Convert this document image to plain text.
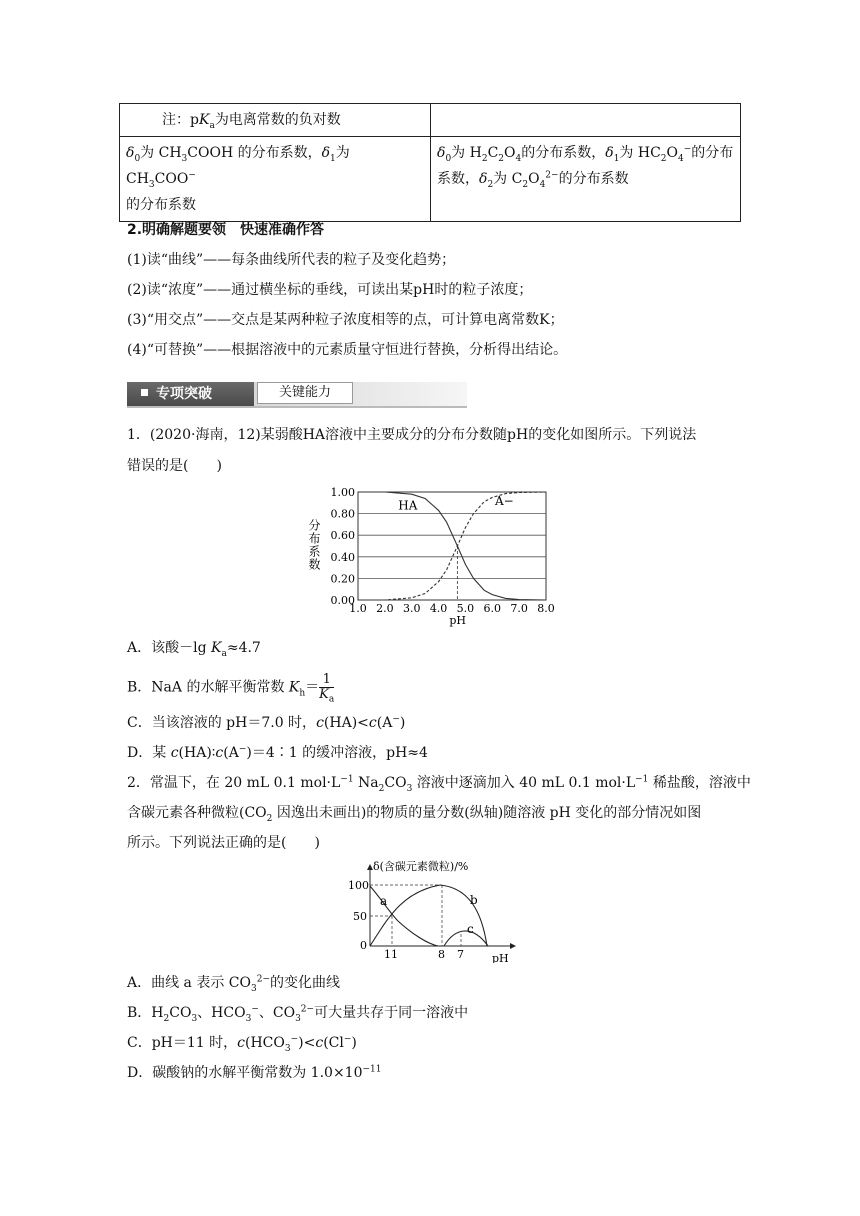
注：$pK_a$为电离常数的负对数	
$\delta_0$为 $CH_3COOH$ 的分布系数，$\delta_1$为 $CH_3COO^-$
的分布系数	$\delta_0$为 $H_2C_2O_4$的分布系数，$\delta_1$为 $HC_2O_4^-$的分布
系数，$\delta_2$为 $C_2O_4^{2-}$的分布系数
2.明确解题要领　快速准确作答
(1)读“曲线”——每条曲线所代表的粒子及变化趋势；
(2)读“浓度”——通过横坐标的垂线，可读出某pH时的粒子浓度；
(3)“用交点”——交点是某两种粒子浓度相等的点，可计算电离常数K；
(4)“可替换”——根据溶液中的元素质量守恒进行替换，分析得出结论。
专项突破	关键能力
1．(2020·海南，12)某弱酸HA溶液中主要成分的分布分数随pH的变化如图所示。下列说法
错误的是(　　)
0.00
0.20
0.40
0.60
0.80
1.00
1.0 2.0 3.0 4.0 5.0 6.0 7.0 8.0
HA	A−
pH
分布系数
A．该酸－lg $K_a\approx 4.7$
B．NaA 的水解平衡常数 $K_h= \frac{1}{K_a}$
C．当该溶液的 pH＝7.0 时，c(HA)<c(A−)
D．某 c(HA)∶c(A−)＝4∶1 的缓冲溶液，pH≈4
2．常温下，在 20 mL 0.1 $mol\cdot L^{-1}$ $Na_2CO_3$ 溶液中逐滴加入 40 mL 0.1 $mol\cdot L^{-1}$ 稀盐酸，溶液中
含碳元素各种微粒($CO_2$ 因逸出未画出)的物质的量分数(纵轴)随溶液 pH 变化的部分情况如图
所示。下列说法正确的是(　　)
δ(含碳元素微粒)/%
100
50
0
a	b
c
11	8 7	pH
A．曲线 a 表示 $CO_3^{2-}$的变化曲线
B．$H_2CO_3$、$HCO_3^-$、$CO_3^{2-}$可大量共存于同一溶液中
C．pH＝11 时，$c(HCO_3^-)<c(Cl^-)$
D．碳酸钠的水解平衡常数为 $1.0\times 10^{-11}$
